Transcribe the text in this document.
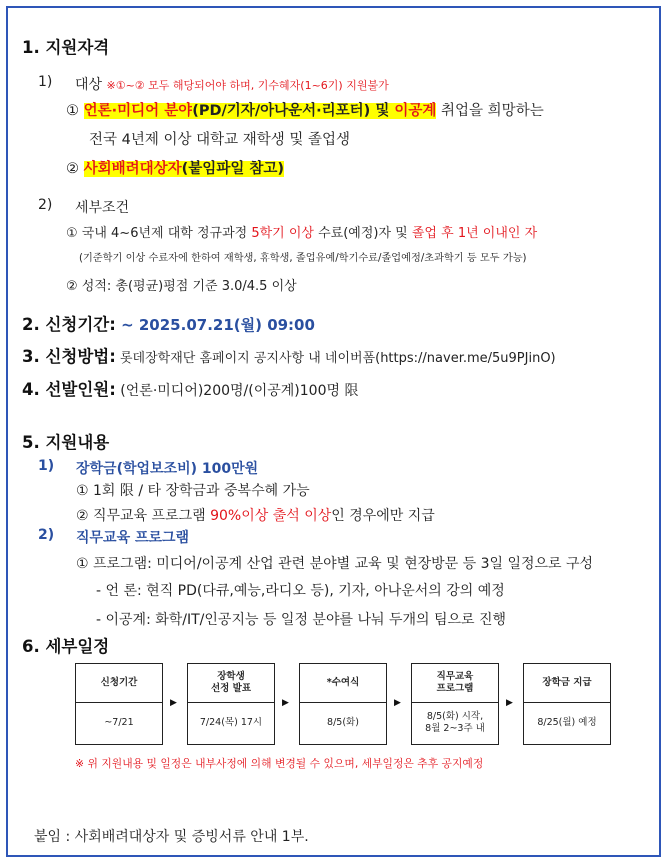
1. 지원자격
1) 대상 ※①~② 모두 해당되어야 하며, 기수혜자(1~6기) 지원불가
① 언론·미디어 분야(PD/기자/아나운서·리포터) 및 이공계 취업을 희망하는
전국 4년제 이상 대학교 재학생 및 졸업생
② 사회배려대상자(붙임파일 참고)
2) 세부조건
① 국내 4~6년제 대학 정규과정 5학기 이상 수료(예정)자 및 졸업 후 1년 이내인 자
(기준학기 이상 수료자에 한하여 재학생, 휴학생, 졸업유예/학기수료/졸업예정/초과학기 등 모두 가능)
② 성적: 총(평균)평점 기준 3.0/4.5 이상
2. 신청기간: ~ 2025.07.21(월) 09:00
3. 신청방법: 롯데장학재단 홈페이지 공지사항 내 네이버폼(https://naver.me/5u9PJinO)
4. 선발인원: (언론·미디어)200명/(이공계)100명 限
5. 지원내용
1) 장학금(학업보조비) 100만원
① 1회 限 / 타 장학금과 중복수혜 가능
② 직무교육 프로그램 90%이상 출석 이상인 경우에만 지급
2) 직무교육 프로그램
① 프로그램: 미디어/이공계 산업 관련 분야별 교육 및 현장방문 등 3일 일정으로 구성
- 언 론: 현직 PD(다큐,예능,라디오 등), 기자, 아나운서의 강의 예정
- 이공계: 화학/IT/인공지능 등 일정 분야를 나눠 두개의 팀으로 진행
6. 세부일정
신청기간
~7/21
▶
장학생
선정 발표
7/24(목) 17시
▶
*수여식
8/5(화)
▶
직무교육
프로그램
8/5(화) 시작,
8월 2~3주 내
▶
장학금 지급
8/25(월) 예정
※ 위 지원내용 및 일정은 내부사정에 의해 변경될 수 있으며, 세부일정은 추후 공지예정
붙임 : 사회배려대상자 및 증빙서류 안내 1부.
